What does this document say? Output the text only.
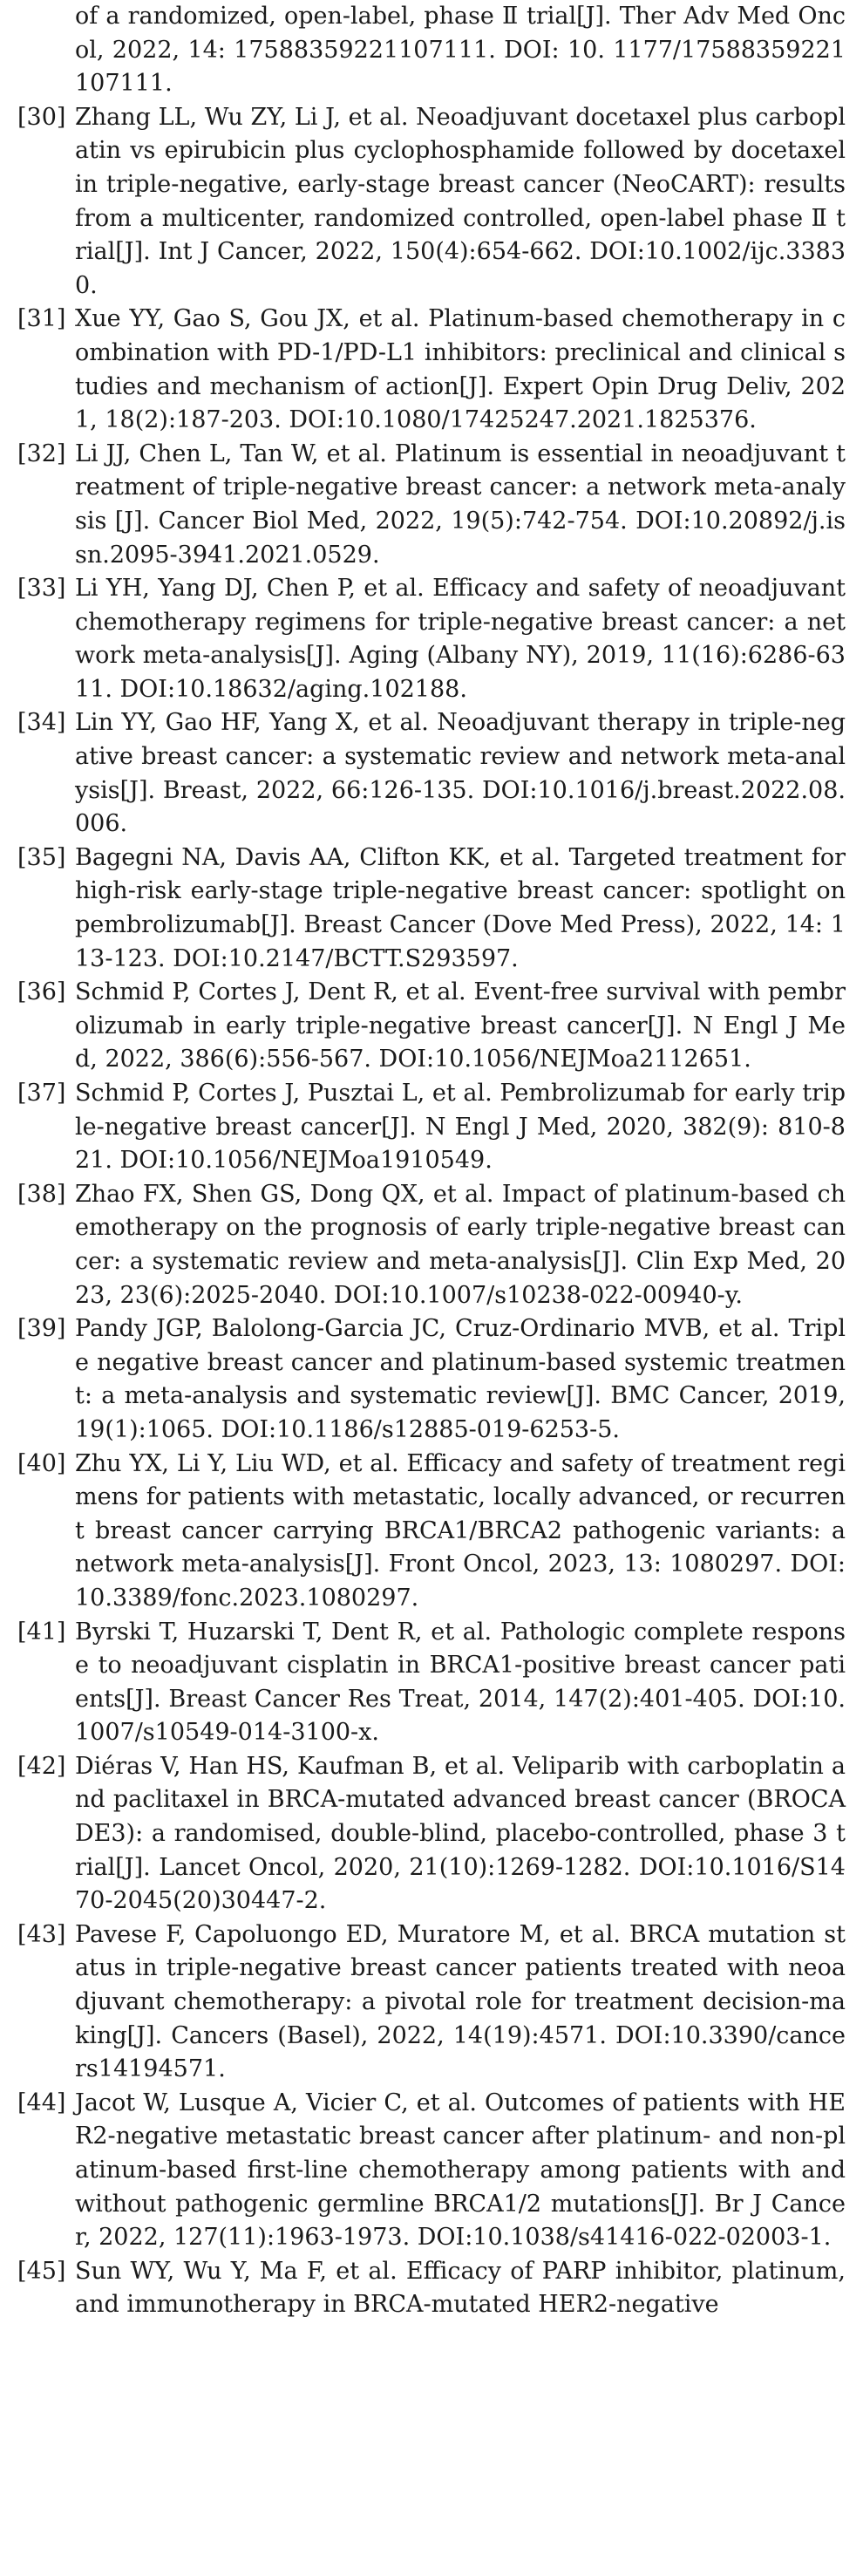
of a randomized, open-label, phase Ⅱ trial[J]. Ther Adv Med Oncol, 2022, 14: 17588359221107111. DOI: 10. 1177/17588359221107111.
[30] Zhang LL, Wu ZY, Li J, et al. Neoadjuvant docetaxel plus carboplatin vs epirubicin plus cyclophosphamide followed by docetaxel in triple-negative, early-stage breast cancer (NeoCART): results from a multicenter, randomized controlled, open-label phase Ⅱ trial[J]. Int J Cancer, 2022, 150(4):654-662. DOI:10.1002/ijc.33830.
[31] Xue YY, Gao S, Gou JX, et al. Platinum-based chemotherapy in combination with PD-1/PD-L1 inhibitors: preclinical and clinical studies and mechanism of action[J]. Expert Opin Drug Deliv, 2021, 18(2):187-203. DOI:10.1080/17425247.2021.1825376.
[32] Li JJ, Chen L, Tan W, et al. Platinum is essential in neoadjuvant treatment of triple-negative breast cancer: a network meta-analysis [J]. Cancer Biol Med, 2022, 19(5):742-754. DOI:10.20892/j.issn.2095-3941.2021.0529.
[33] Li YH, Yang DJ, Chen P, et al. Efficacy and safety of neoadjuvant chemotherapy regimens for triple-negative breast cancer: a network meta-analysis[J]. Aging (Albany NY), 2019, 11(16):6286-6311. DOI:10.18632/aging.102188.
[34] Lin YY, Gao HF, Yang X, et al. Neoadjuvant therapy in triple-negative breast cancer: a systematic review and network meta-analysis[J]. Breast, 2022, 66:126-135. DOI:10.1016/j.breast.2022.08.006.
[35] Bagegni NA, Davis AA, Clifton KK, et al. Targeted treatment for high-risk early-stage triple-negative breast cancer: spotlight on pembrolizumab[J]. Breast Cancer (Dove Med Press), 2022, 14: 113-123. DOI:10.2147/BCTT.S293597.
[36] Schmid P, Cortes J, Dent R, et al. Event-free survival with pembrolizumab in early triple-negative breast cancer[J]. N Engl J Med, 2022, 386(6):556-567. DOI:10.1056/NEJMoa2112651.
[37] Schmid P, Cortes J, Pusztai L, et al. Pembrolizumab for early triple-negative breast cancer[J]. N Engl J Med, 2020, 382(9): 810-821. DOI:10.1056/NEJMoa1910549.
[38] Zhao FX, Shen GS, Dong QX, et al. Impact of platinum-based chemotherapy on the prognosis of early triple-negative breast cancer: a systematic review and meta-analysis[J]. Clin Exp Med, 2023, 23(6):2025-2040. DOI:10.1007/s10238-022-00940-y.
[39] Pandy JGP, Balolong-Garcia JC, Cruz-Ordinario MVB, et al. Triple negative breast cancer and platinum-based systemic treatment: a meta-analysis and systematic review[J]. BMC Cancer, 2019, 19(1):1065. DOI:10.1186/s12885-019-6253-5.
[40] Zhu YX, Li Y, Liu WD, et al. Efficacy and safety of treatment regimens for patients with metastatic, locally advanced, or recurrent breast cancer carrying BRCA1/BRCA2 pathogenic variants: a network meta-analysis[J]. Front Oncol, 2023, 13: 1080297. DOI:10.3389/fonc.2023.1080297.
[41] Byrski T, Huzarski T, Dent R, et al. Pathologic complete response to neoadjuvant cisplatin in BRCA1-positive breast cancer patients[J]. Breast Cancer Res Treat, 2014, 147(2):401-405. DOI:10.1007/s10549-014-3100-x.
[42] Diéras V, Han HS, Kaufman B, et al. Veliparib with carboplatin and paclitaxel in BRCA-mutated advanced breast cancer (BROCADE3): a randomised, double-blind, placebo-controlled, phase 3 trial[J]. Lancet Oncol, 2020, 21(10):1269-1282. DOI:10.1016/S1470-2045(20)30447-2.
[43] Pavese F, Capoluongo ED, Muratore M, et al. BRCA mutation status in triple-negative breast cancer patients treated with neoadjuvant chemotherapy: a pivotal role for treatment decision-making[J]. Cancers (Basel), 2022, 14(19):4571. DOI:10.3390/cancers14194571.
[44] Jacot W, Lusque A, Vicier C, et al. Outcomes of patients with HER2-negative metastatic breast cancer after platinum- and non-platinum-based first-line chemotherapy among patients with and without pathogenic germline BRCA1/2 mutations[J]. Br J Cancer, 2022, 127(11):1963-1973. DOI:10.1038/s41416-022-02003-1.
[45] Sun WY, Wu Y, Ma F, et al. Efficacy of PARP inhibitor, platinum, and immunotherapy in BRCA-mutated HER2-negative
